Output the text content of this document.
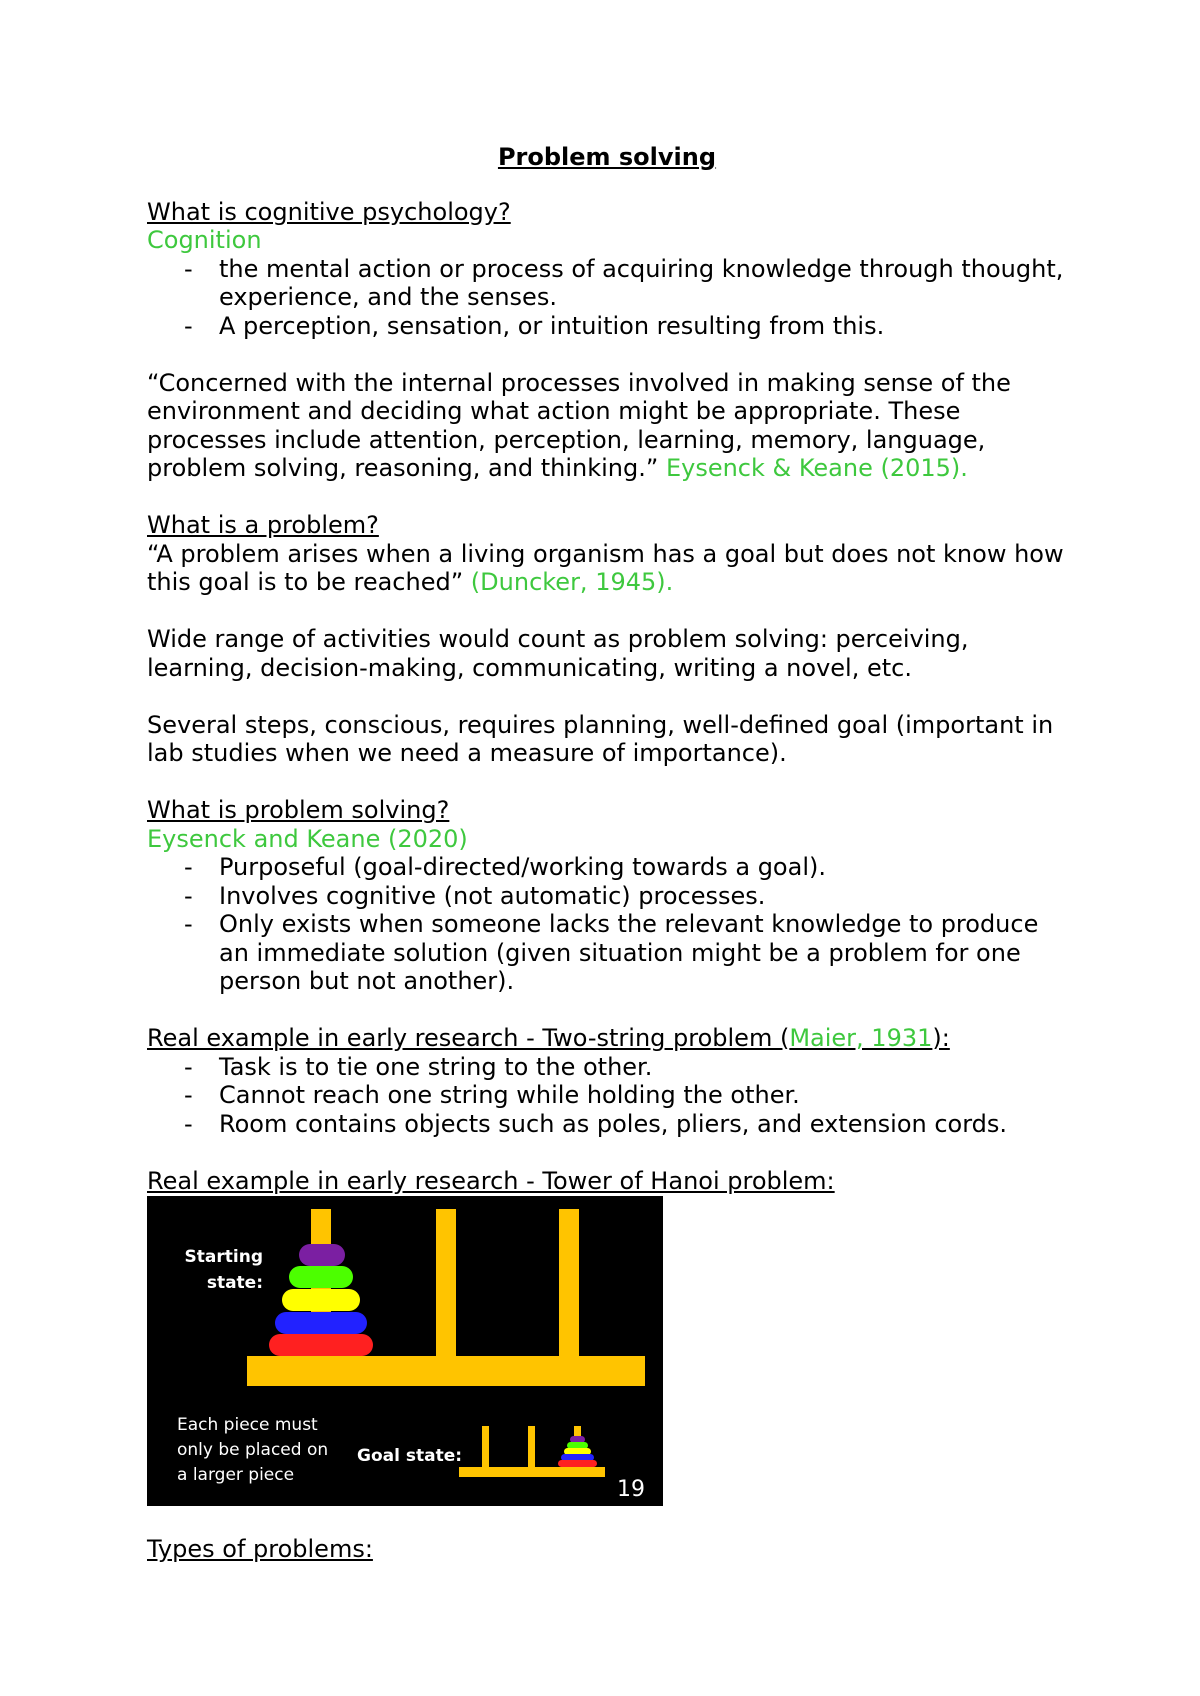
Problem solving

What is cognitive psychology?

Cognition

- the mental action or process of acquiring knowledge through thought, experience, and the senses.
- A perception, sensation, or intuition resulting from this.

“Concerned with the internal processes involved in making sense of the environment and deciding what action might be appropriate. These processes include attention, perception, learning, memory, language, problem solving, reasoning, and thinking.” Eysenck & Keane (2015).

What is a problem?

“A problem arises when a living organism has a goal but does not know how this goal is to be reached” (Duncker, 1945).

Wide range of activities would count as problem solving: perceiving, learning, decision-making, communicating, writing a novel, etc.

Several steps, conscious, requires planning, well-defined goal (important in lab studies when we need a measure of importance).

What is problem solving?

Eysenck and Keane (2020)

- Purposeful (goal-directed/working towards a goal).
- Involves cognitive (not automatic) processes.
- Only exists when someone lacks the relevant knowledge to produce an immediate solution (given situation might be a problem for one person but not another).

Real example in early research - Two-string problem (Maier, 1931):

- Task is to tie one string to the other.
- Cannot reach one string while holding the other.
- Room contains objects such as poles, pliers, and extension cords.

Real example in early research - Tower of Hanoi problem:

Starting
state:
Each piece must
only be placed on
a larger piece
Goal state:
19

Types of problems:
